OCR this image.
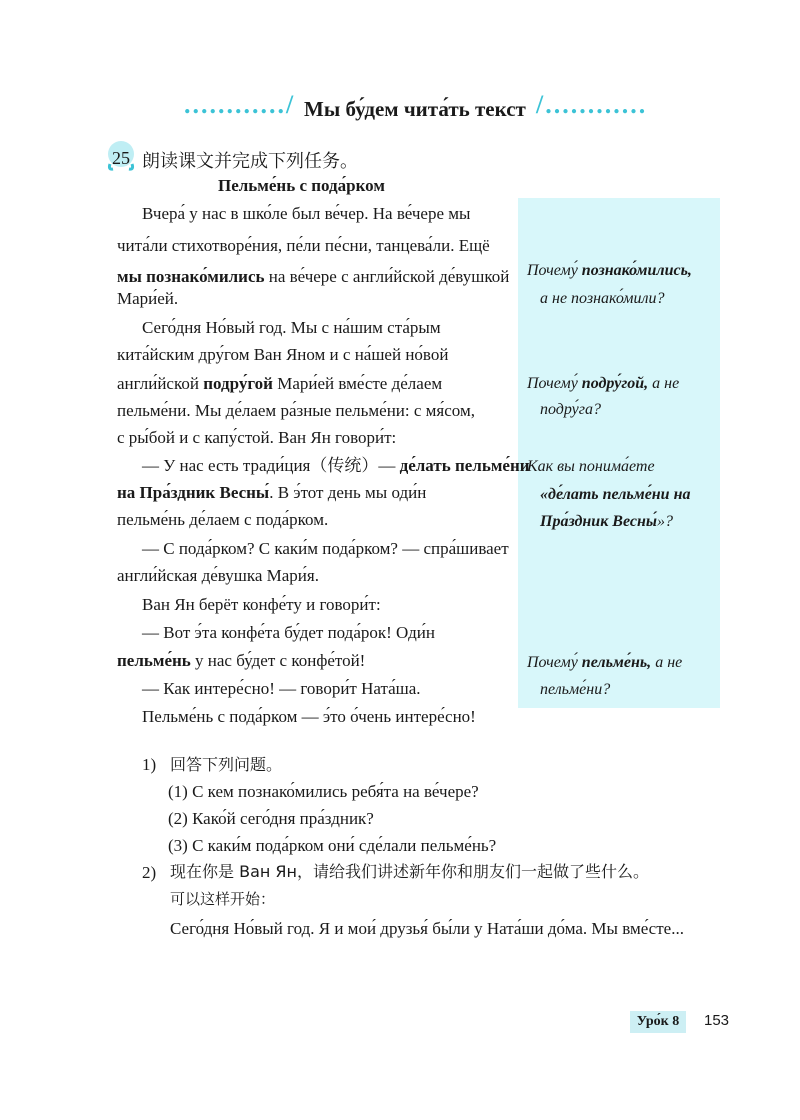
............/ Мы бу́дем чита́ть текст /............
25 朗读课文并完成下列任务。
Пельме́нь с пода́рком
Вчера́ у нас в шко́ле был ве́чер. На ве́чере мы
чита́ли стихотворе́ния, пе́ли пе́сни, танцева́ли. Ещё
мы познако́мились на ве́чере с англи́йской де́вушкой
Мари́ей.
Сего́дня Но́вый год. Мы с на́шим ста́рым
кита́йским дру́гом Ван Яном и с на́шей но́вой
англи́йской подру́гой Мари́ей вме́сте де́лаем
пельме́ни. Мы де́лаем ра́зные пельме́ни: с мя́сом,
с ры́бой и с капу́стой. Ван Ян говори́т:
— У нас есть тради́ция（传统）— де́лать пельме́ни
на Пра́здник Весны́. В э́тот день мы оди́н
пельме́нь де́лаем с пода́рком.
— С пода́рком? С каки́м пода́рком? — спра́шивает
англи́йская де́вушка Мари́я.
Ван Ян берёт конфе́ту и говори́т:
— Вот э́та конфе́та бу́дет пода́рок! Оди́н
пельме́нь у нас бу́дет с конфе́той!
— Как интере́сно! — говори́т Ната́ша.
Пельме́нь с пода́рком — э́то о́чень интере́сно!
Почему́ познако́мились,
а не познако́мили?
Почему́ подру́гой, а не
подру́га?
Как вы понима́ете
«де́лать пельме́ни на
Пра́здник Весны́»?
Почему́ пельме́нь, а не
пельме́ни?
1) 回答下列问题。
(1) С кем познако́мились ребя́та на ве́чере?
(2) Како́й сего́дня пра́здник?
(3) С каки́м пода́рком они́ сде́лали пельме́нь?
2) 现在你是 Ван Ян，请给我们讲述新年你和朋友们一起做了些什么。
可以这样开始：
Сего́дня Но́вый год. Я и мои́ друзья́ бы́ли у Ната́ши до́ма. Мы вме́сте...
Уро́к 8	153
